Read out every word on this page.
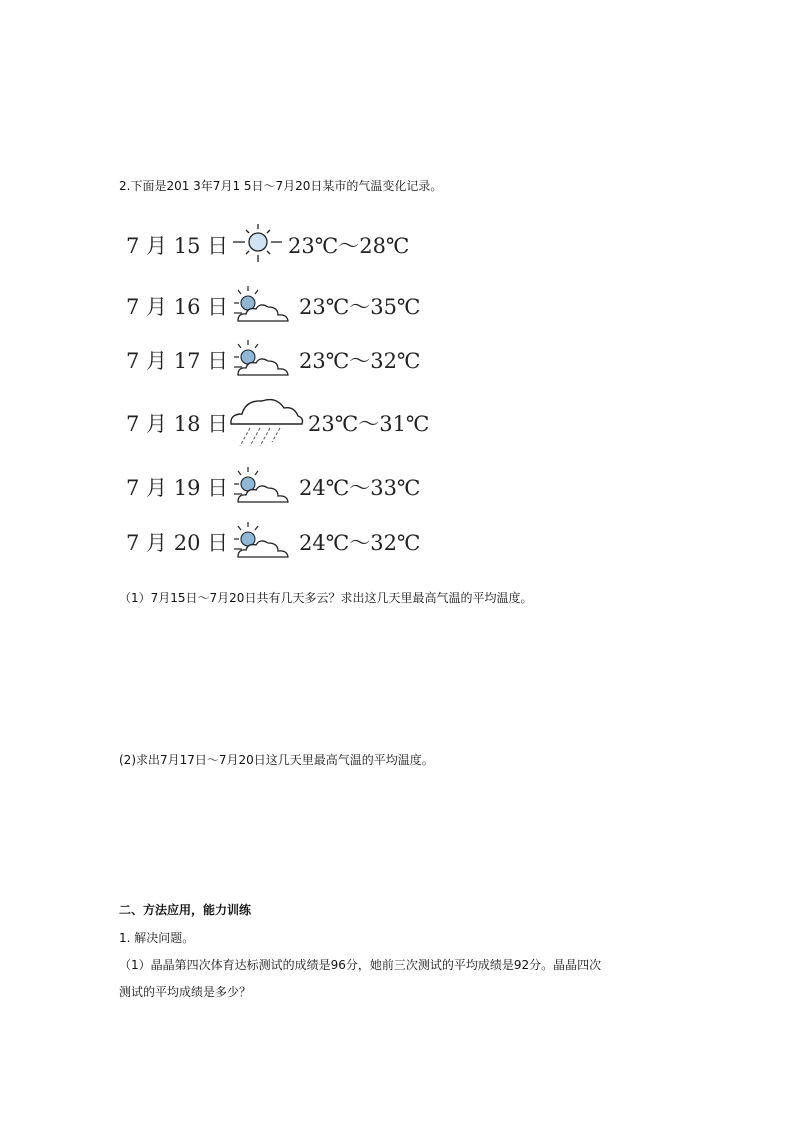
2.下面是201 3年7月1 5日～7月20日某市的气温变化记录。
7 月 15 日	23℃～28℃
7 月 16 日	23℃～35℃
7 月 17 日	23℃～32℃
7 月 18 日	23℃～31℃
7 月 19 日	24℃～33℃
7 月 20 日	24℃～32℃
（1）7月15日～7月20日共有几天多云？求出这几天里最高气温的平均温度。
(2)求出7月17日～7月20日这几天里最高气温的平均温度。
二、方法应用，能力训练
1. 解决问题。
（1）晶晶第四次体育达标测试的成绩是96分，她前三次测试的平均成绩是92分。晶晶四次
测试的平均成绩是多少？
